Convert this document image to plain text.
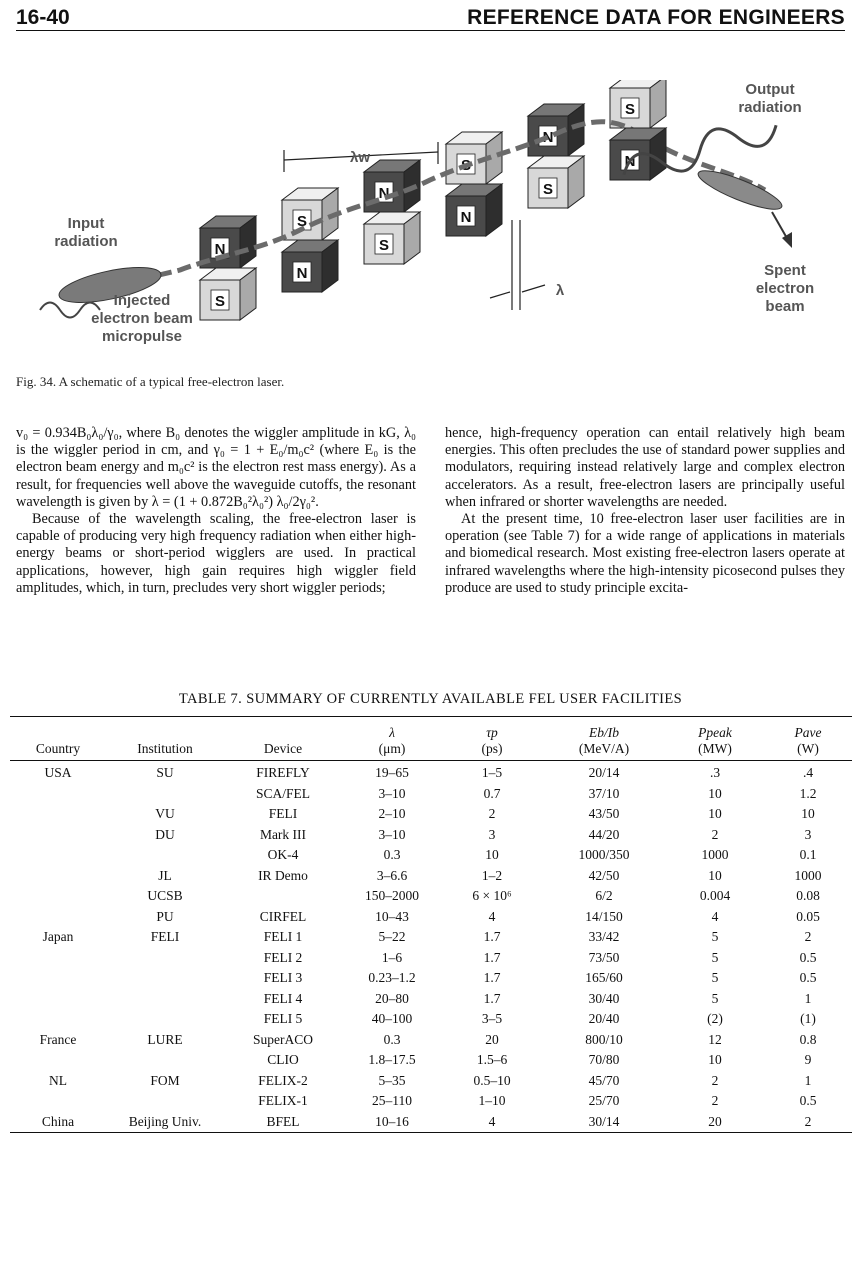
16-40	REFERENCE DATA FOR ENGINEERS
N
S
N
S
N
S
S
N
S
N
S
N
λw
λ
Output
radiation
Input
radiation
Injected
electron beam
micropulse
Spent
electron
beam
Fig. 34. A schematic of a typical free-electron laser.

v₀ = 0.934B₀λ₀/γ₀, where B₀ denotes the wiggler amplitude in kG, λ₀ is the wiggler period in cm, and γ₀ = 1 + E₀/m₀c² (where E₀ is the electron beam energy and m₀c² is the electron rest mass energy). As a result, for frequencies well above the waveguide cutoffs, the resonant wavelength is given by λ = (1 + 0.872B₀²λ₀²) λ₀/2γ₀².

Because of the wavelength scaling, the free-electron laser is capable of producing very high frequency radiation when either high-energy beams or short-period wigglers are used. In practical applications, however, high gain requires high wiggler field amplitudes, which, in turn, precludes very short wiggler periods;

hence, high-frequency operation can entail relatively high beam energies. This often precludes the use of standard power supplies and modulators, requiring instead relatively large and complex electron accelerators. As a result, free-electron lasers are principally useful when infrared or shorter wavelengths are needed.

At the present time, 10 free-electron laser user facilities are in operation (see Table 7) for a wide range of applications in materials and biomedical research. Most existing free-electron lasers operate at infrared wavelengths where the high-intensity picosecond pulses they produce are used to study principle excita-

TABLE 7. SUMMARY OF CURRENTLY AVAILABLE FEL USER FACILITIES
			λ	τp	Eb/Ib	Ppeak	Pave
Country	Institution	Device	(μm)	(ps)	(MeV/A)	(MW)	(W)
USA	SU	FIREFLY	19–65	1–5	20/14	.3	.4
		SCA/FEL	3–10	0.7	37/10	10	1.2
	VU	FELI	2–10	2	43/50	10	10
	DU	Mark III	3–10	3	44/20	2	3
		OK-4	0.3	10	1000/350	1000	0.1
	JL	IR Demo	3–6.6	1–2	42/50	10	1000
	UCSB		150–2000	6 × 10⁶	6/2	0.004	0.08
	PU	CIRFEL	10–43	4	14/150	4	0.05
Japan	FELI	FELI 1	5–22	1.7	33/42	5	2
		FELI 2	1–6	1.7	73/50	5	0.5
		FELI 3	0.23–1.2	1.7	165/60	5	0.5
		FELI 4	20–80	1.7	30/40	5	1
		FELI 5	40–100	3–5	20/40	(2)	(1)
France	LURE	SuperACO	0.3	20	800/10	12	0.8
		CLIO	1.8–17.5	1.5–6	70/80	10	9
NL	FOM	FELIX-2	5–35	0.5–10	45/70	2	1
		FELIX-1	25–110	1–10	25/70	2	0.5
China	Beijing Univ.	BFEL	10–16	4	30/14	20	2
